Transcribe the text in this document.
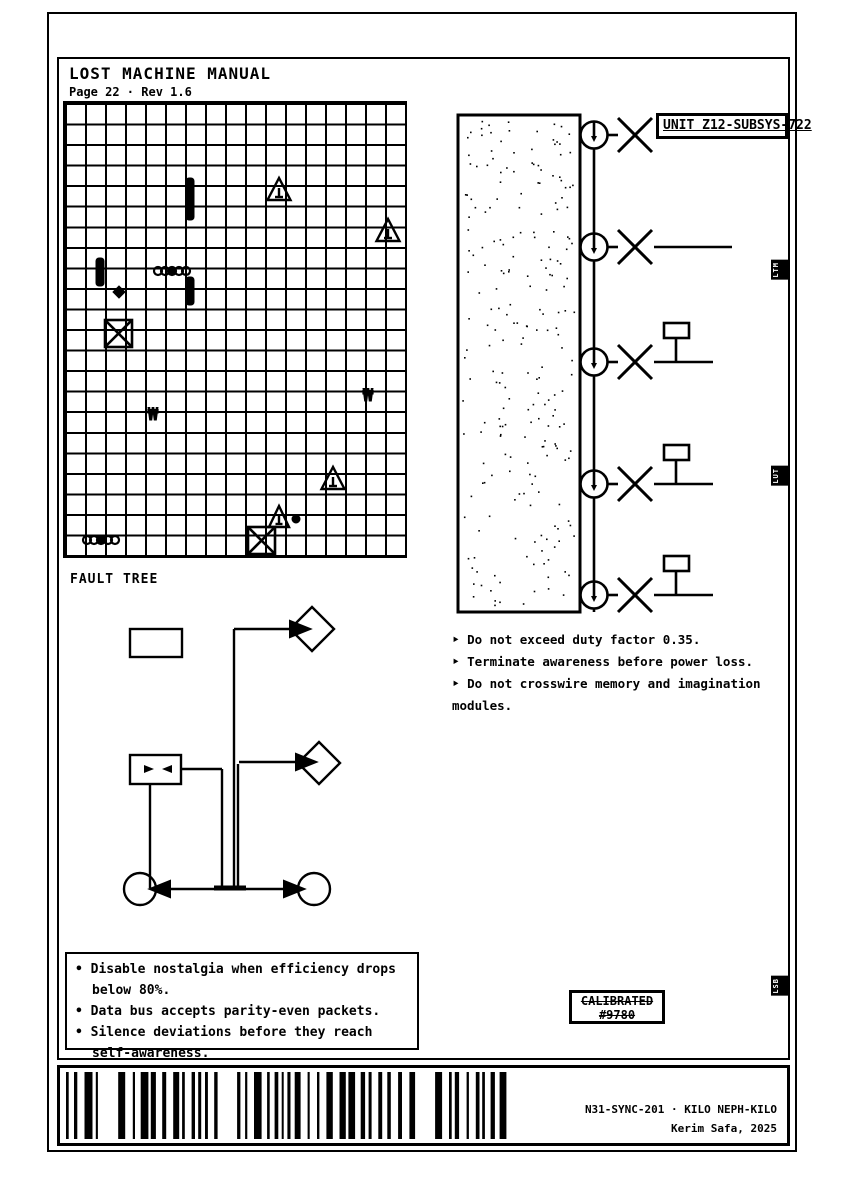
LOST MACHINE MANUAL
Page 22 · Rev 1.6
₩
₩
FAULT TREE
UNIT Z12-SUBSYS-722
LTM
LUT
LSB
‣ Do not exceed duty factor 0.35.
‣ Terminate awareness before power loss.
‣ Do not crosswire memory and imagination modules.
• Disable nostalgia when efficiency drops below 80%.
• Data bus accepts parity-even packets.
• Silence deviations before they reach self-awareness.
CALIBRATED
#9780
N31-SYNC-201 · KILO NEPH-KILO
Kerim Safa, 2025
